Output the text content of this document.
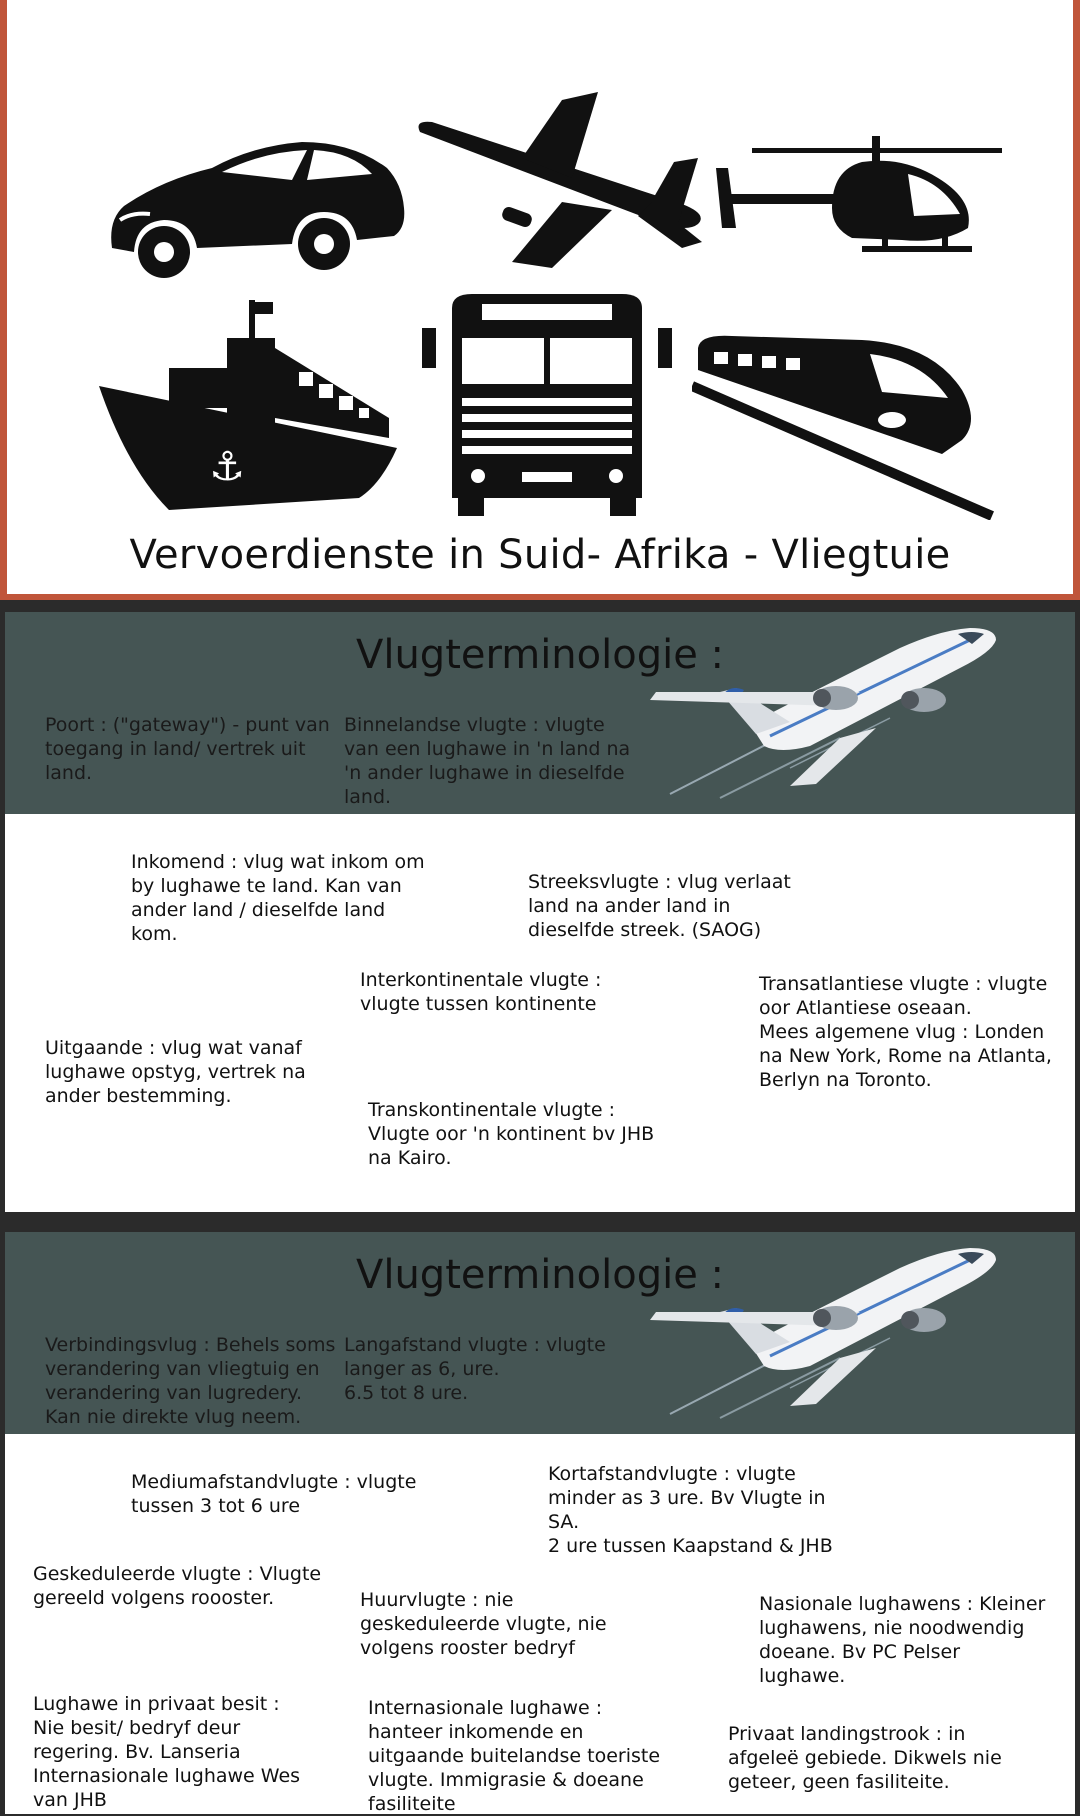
⚓
Vervoerdienste in Suid- Afrika - Vliegtuie
Vlugterminologie :
Poort : ("gateway") - punt van
toegang in land/ vertrek uit
land.
Binnelandse vlugte : vlugte
van een lughawe in 'n land na
'n ander lughawe in dieselfde
land.
Inkomend : vlug wat inkom om
by lughawe te land. Kan van
ander land / dieselfde land
kom.
Streeksvlugte : vlug verlaat
land na ander land in
dieselfde streek. (SAOG)
Interkontinentale vlugte :
vlugte tussen kontinente
Transatlantiese vlugte : vlugte
oor Atlantiese oseaan.
Mees algemene vlug : Londen
na New York, Rome na Atlanta,
Berlyn na Toronto.
Uitgaande : vlug wat vanaf
lughawe opstyg, vertrek na
ander bestemming.
Transkontinentale vlugte :
Vlugte oor 'n kontinent bv JHB
na Kairo.
Vlugterminologie :
Verbindingsvlug : Behels soms
verandering van vliegtuig en
verandering van lugredery.
Kan nie direkte vlug neem.
Langafstand vlugte : vlugte
langer as 6, ure.
6.5 tot 8 ure.
Mediumafstandvlugte : vlugte
tussen 3 tot 6 ure
Kortafstandvlugte : vlugte
minder as 3 ure. Bv Vlugte in
SA.
2 ure tussen Kaapstand & JHB
Geskeduleerde vlugte : Vlugte
gereeld volgens roooster.	Huurvlugte : nie
geskeduleerde vlugte, nie
volgens rooster bedryf
Nasionale lughawens : Kleiner
lughawens, nie noodwendig
doeane. Bv PC Pelser
lughawe.
Lughawe in privaat besit :
Nie besit/ bedryf deur
regering. Bv. Lanseria
Internasionale lughawe Wes
van JHB
Internasionale lughawe :
hanteer inkomende en
uitgaande buitelandse toeriste
vlugte. Immigrasie & doeane
fasiliteite
Privaat landingstrook : in
afgeleë gebiede. Dikwels nie
geteer, geen fasiliteite.
